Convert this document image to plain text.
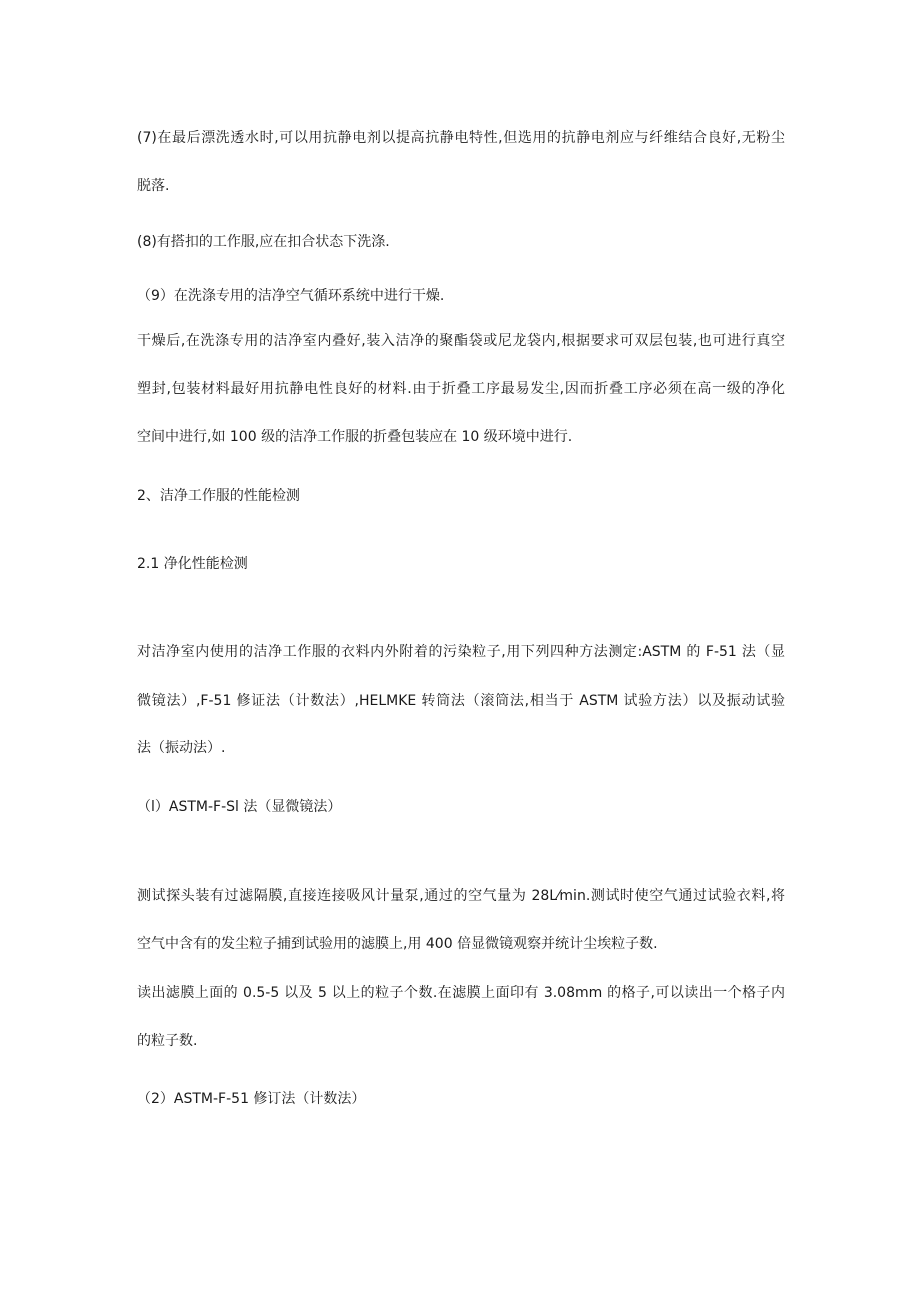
(7)在最后漂洗透水时,可以用抗静电剂以提高抗静电特性,但选用的抗静电剂应与纤维结合良好,无粉尘

脱落.

(8)有搭扣的工作服,应在扣合状态下洗涤.

（9）在洗涤专用的洁净空气循环系统中进行干燥.

干燥后,在洗涤专用的洁净室内叠好,装入洁净的聚酯袋或尼龙袋内,根据要求可双层包装,也可进行真空

塑封,包装材料最好用抗静电性良好的材料.由于折叠工序最易发尘,因而折叠工序必须在高一级的净化

空间中进行,如 100 级的洁净工作服的折叠包装应在 10 级环境中进行.

2、洁净工作服的性能检测

2.1 净化性能检测

对洁净室内使用的洁净工作服的衣料内外附着的污染粒子,用下列四种方法测定:ASTM 的 F-51 法（显

微镜法）,F-51 修证法（计数法）,HELMKE 转筒法（滚筒法,相当于 ASTM 试验方法）以及振动试验

法（振动法）.

（l）ASTM-F-Sl 法（显微镜法）

测试探头装有过滤隔膜,直接连接吸风计量泵,通过的空气量为 28L⁄min.测试时使空气通过试验衣料,将

空气中含有的发尘粒子捕到试验用的滤膜上,用 400 倍显微镜观察并统计尘埃粒子数.

读出滤膜上面的 0.5-5 以及 5 以上的粒子个数.在滤膜上面印有 3.08mm 的格子,可以读出一个格子内

的粒子数.

（2）ASTM-F-51 修订法（计数法）
